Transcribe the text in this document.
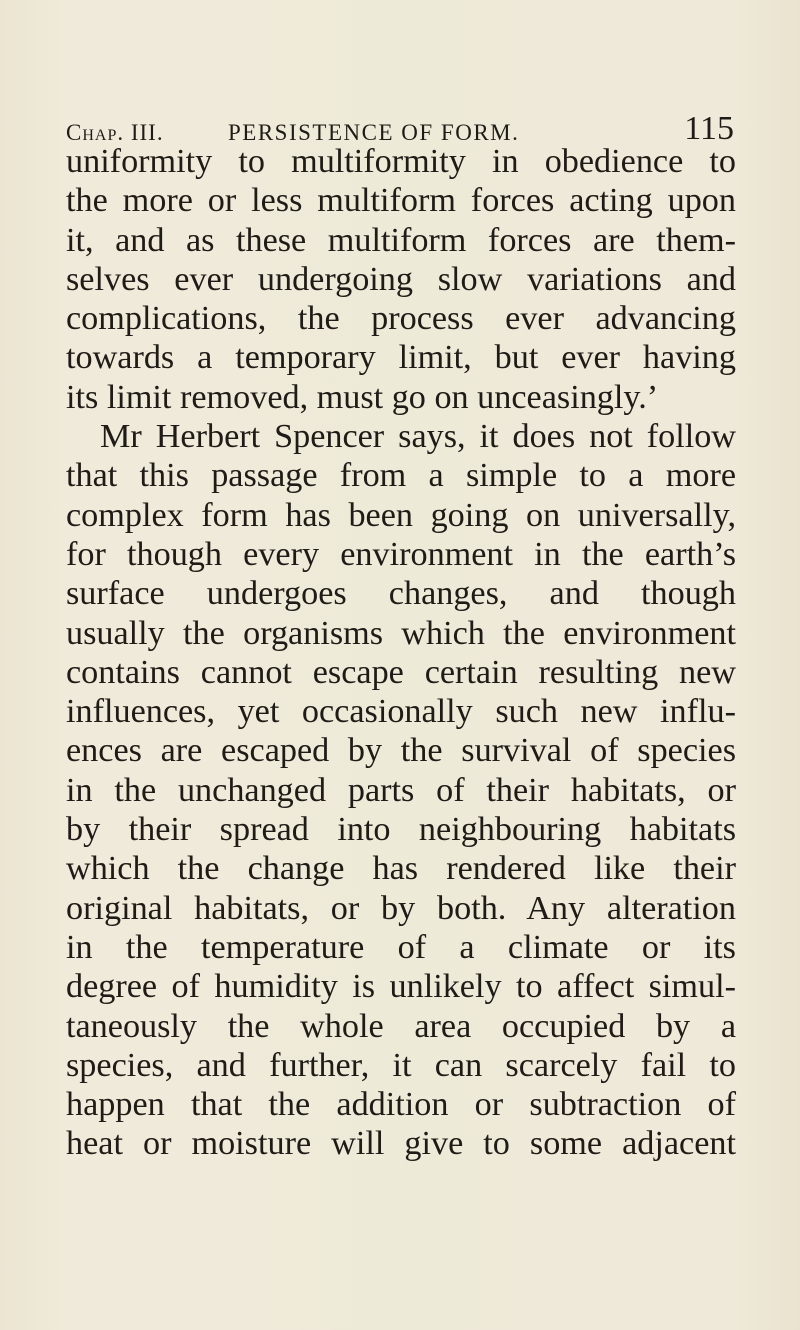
Chap. III.	PERSISTENCE OF FORM.	115
uniformity to multiformity in obedience to
the more or less multiform forces acting upon
it, and as these multiform forces are them-
selves ever undergoing slow variations and
complications, the process ever advancing
towards a temporary limit, but ever having
its limit removed, must go on unceasingly.’
Mr Herbert Spencer says, it does not follow
that this passage from a simple to a more
complex form has been going on universally,
for though every environment in the earth’s
surface undergoes changes, and though
usually the organisms which the environment
contains cannot escape certain resulting new
influences, yet occasionally such new influ-
ences are escaped by the survival of species
in the unchanged parts of their habitats, or
by their spread into neighbouring habitats
which the change has rendered like their
original habitats, or by both. Any alteration
in the temperature of a climate or its
degree of humidity is unlikely to affect simul-
taneously the whole area occupied by a
species, and further, it can scarcely fail to
happen that the addition or subtraction of
heat or moisture will give to some adjacent
